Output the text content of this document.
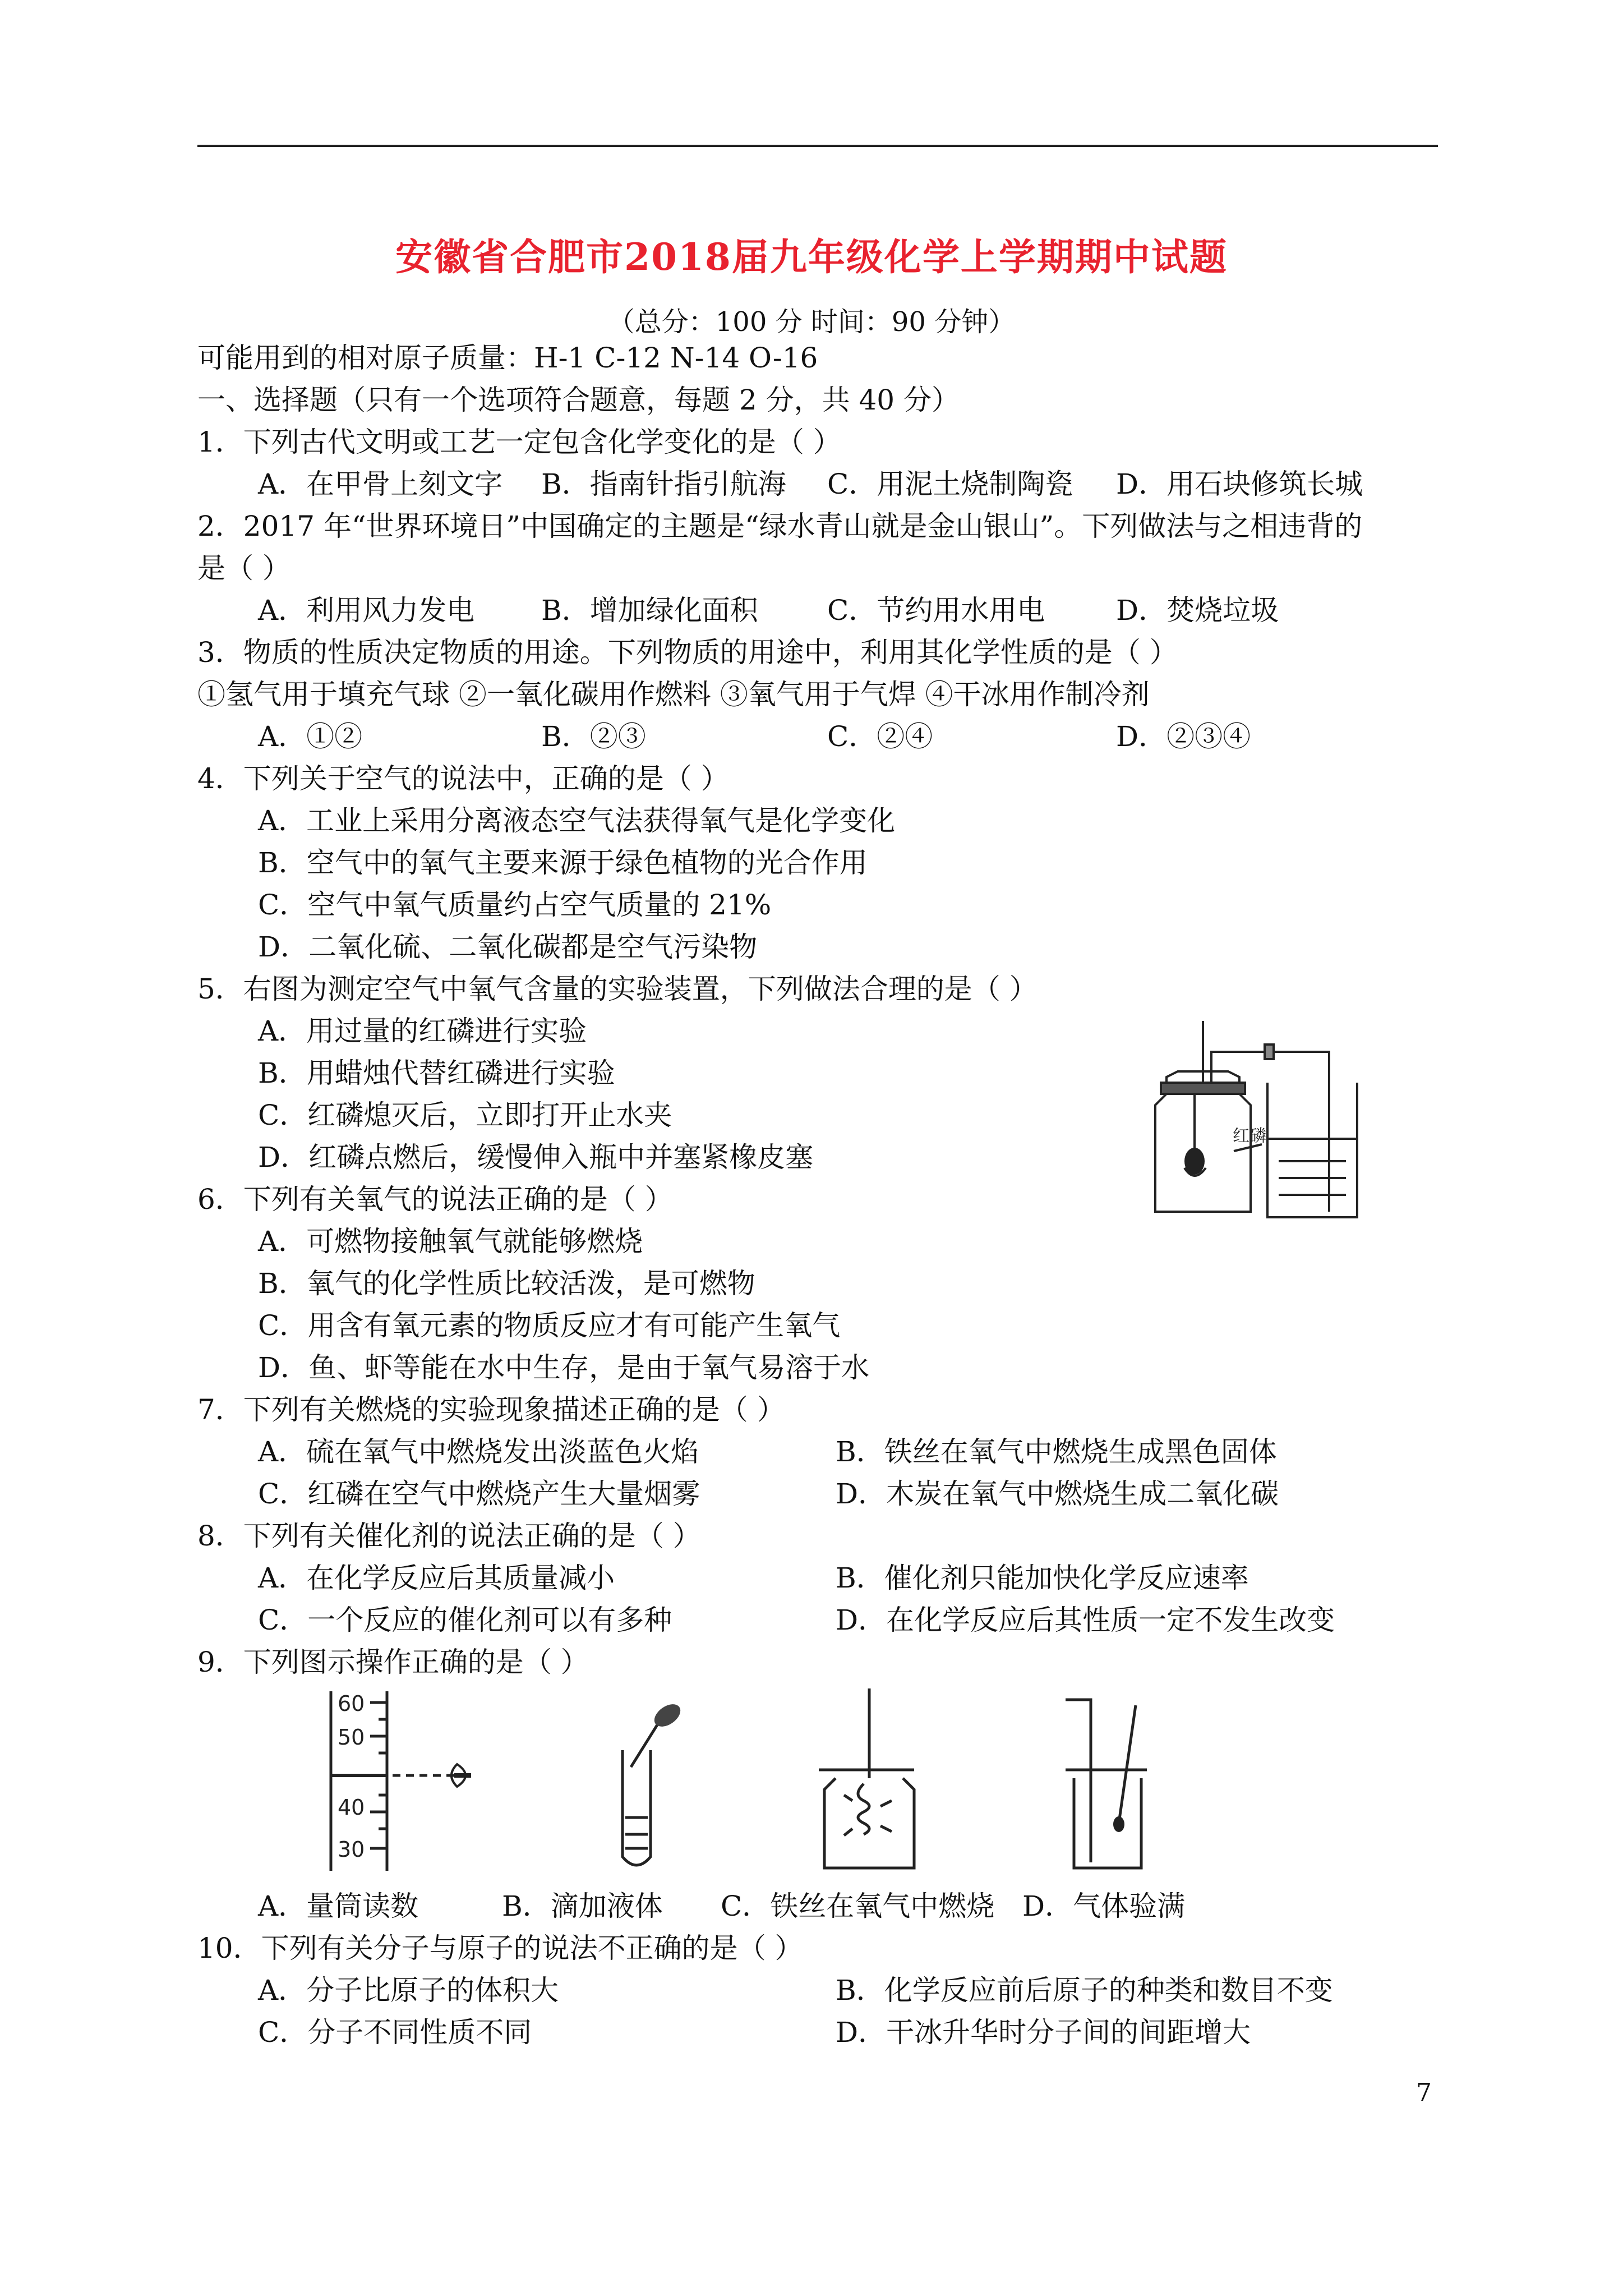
安徽省合肥市2018届九年级化学上学期期中试题
（总分：100 分 时间：90 分钟）
可能用到的相对原子质量：H-1 C-12 N-14 O-16
一、选择题（只有一个选项符合题意，每题 2 分，共 40 分）
1．下列古代文明或工艺一定包含化学变化的是（ ）
A．在甲骨上刻文字 B．指南针指引航海 C．用泥土烧制陶瓷 D．用石块修筑长城
2．2017 年“世界环境日”中国确定的主题是“绿水青山就是金山银山”。下列做法与之相违背的
是（ ）
A．利用风力发电 B．增加绿化面积 C．节约用水用电	D．焚烧垃圾
3．物质的性质决定物质的用途。下列物质的用途中，利用其化学性质的是（ ）
①氢气用于填充气球 ②一氧化碳用作燃料 ③氧气用于气焊 ④干冰用作制冷剂
A．①②	B．②③	C．②④	D．②③④
4．下列关于空气的说法中，正确的是（ ）
A．工业上采用分离液态空气法获得氧气是化学变化
B．空气中的氧气主要来源于绿色植物的光合作用
C．空气中氧气质量约占空气质量的 21%
D．二氧化硫、二氧化碳都是空气污染物
5．右图为测定空气中氧气含量的实验装置，下列做法合理的是（ ）
A．用过量的红磷进行实验
B．用蜡烛代替红磷进行实验
C．红磷熄灭后，立即打开止水夹
D．红磷点燃后，缓慢伸入瓶中并塞紧橡皮塞
红磷
6．下列有关氧气的说法正确的是（ ）
A．可燃物接触氧气就能够燃烧
B．氧气的化学性质比较活泼，是可燃物
C．用含有氧元素的物质反应才有可能产生氧气
D．鱼、虾等能在水中生存，是由于氧气易溶于水
7．下列有关燃烧的实验现象描述正确的是（ ）
A．硫在氧气中燃烧发出淡蓝色火焰	B．铁丝在氧气中燃烧生成黑色固体
C．红磷在空气中燃烧产生大量烟雾	D．木炭在氧气中燃烧生成二氧化碳
8．下列有关催化剂的说法正确的是（ ）
A．在化学反应后其质量减小	B．催化剂只能加快化学反应速率
C．一个反应的催化剂可以有多种	D．在化学反应后其性质一定不发生改变
9．下列图示操作正确的是（ ）
60
50
40
30
A．量筒读数	B．滴加液体 C．铁丝在氧气中燃烧 D．气体验满
10．下列有关分子与原子的说法不正确的是（ ）
A．分子比原子的体积大	B．化学反应前后原子的种类和数目不变
C．分子不同性质不同	D．干冰升华时分子间的间距增大
7
